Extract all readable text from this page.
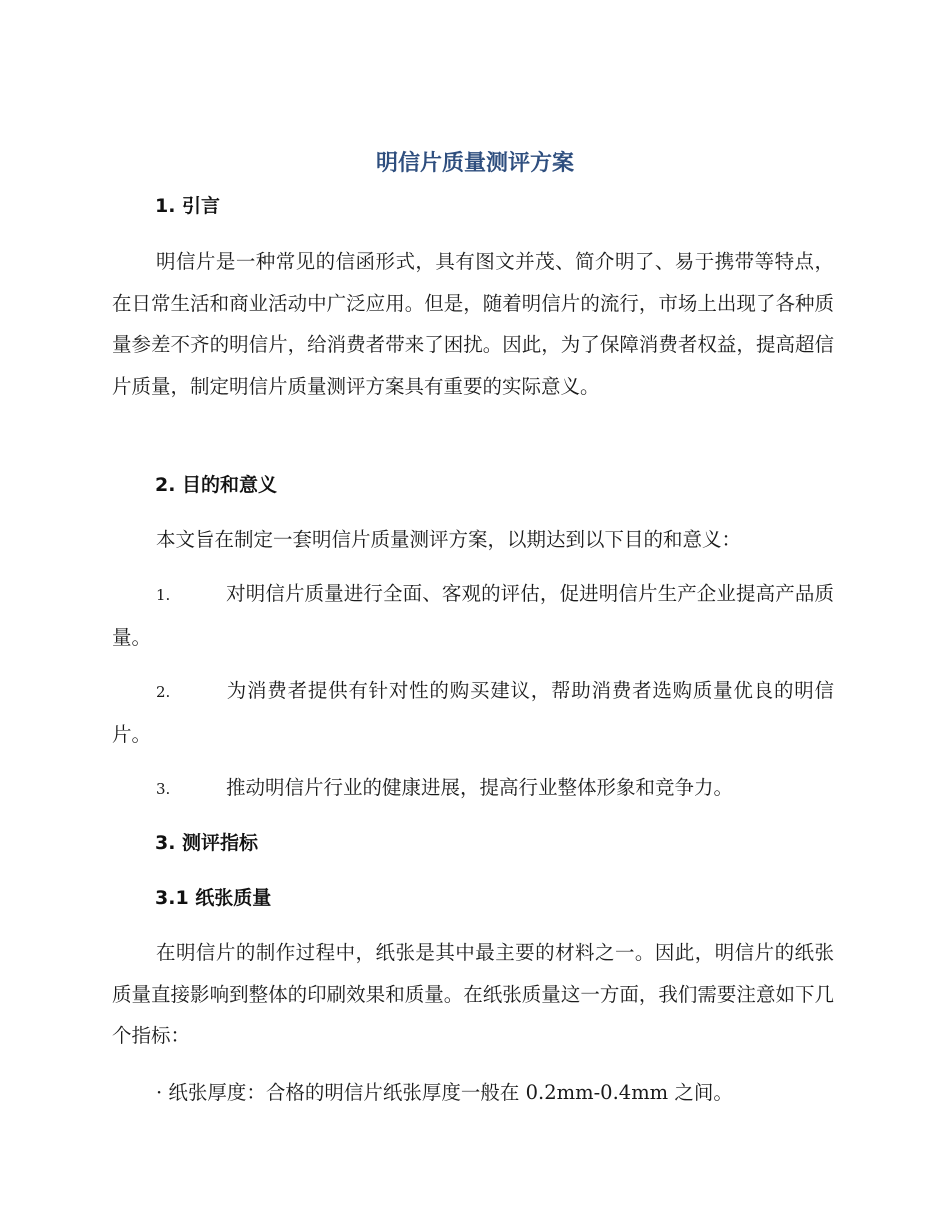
明信片质量测评方案
1. 引言

明信片是一种常见的信函形式，具有图文并茂、简介明了、易于携带等特点，在日常生活和商业活动中广泛应用。但是，随着明信片的流行，市场上出现了各种质量参差不齐的明信片，给消费者带来了困扰。因此，为了保障消费者权益，提高超信片质量，制定明信片质量测评方案具有重要的实际意义。

2. 目的和意义

本文旨在制定一套明信片质量测评方案，以期达到以下目的和意义：

1.	对明信片质量进行全面、客观的评估，促进明信片生产企业提高产品质量。

2.	为消费者提供有针对性的购买建议，帮助消费者选购质量优良的明信片。

3.	推动明信片行业的健康进展，提高行业整体形象和竞争力。

3. 测评指标
3.1 纸张质量

在明信片的制作过程中，纸张是其中最主要的材料之一。因此，明信片的纸张质量直接影响到整体的印刷效果和质量。在纸张质量这一方面，我们需要注意如下几个指标：

· 纸张厚度：合格的明信片纸张厚度一般在 0.2mm-0.4mm 之间。
